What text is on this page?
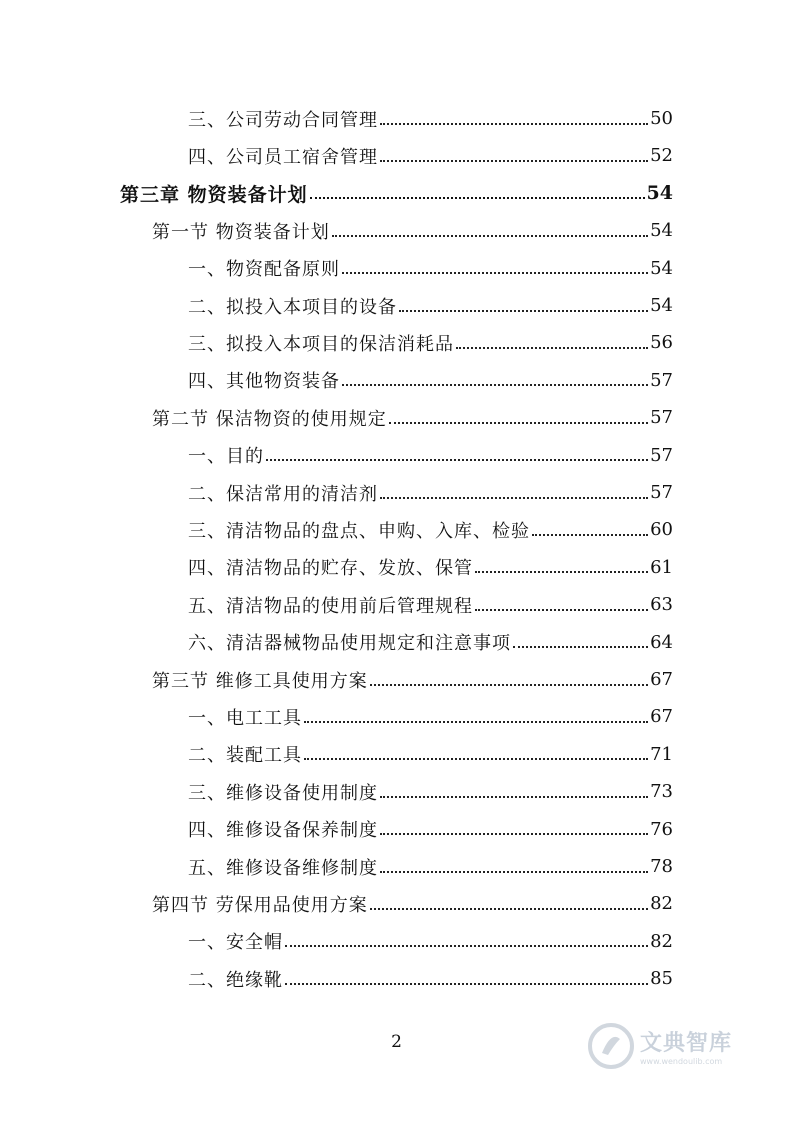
三、公司劳动合同管理	50
四、公司员工宿舍管理	52
第三章 物资装备计划	54
第一节 物资装备计划	54
一、物资配备原则	54
二、拟投入本项目的设备	54
三、拟投入本项目的保洁消耗品	56
四、其他物资装备	57
第二节 保洁物资的使用规定	57
一、目的	57
二、保洁常用的清洁剂	57
三、清洁物品的盘点、申购、入库、检验	60
四、清洁物品的贮存、发放、保管	61
五、清洁物品的使用前后管理规程	63
六、清洁器械物品使用规定和注意事项	64
第三节 维修工具使用方案	67
一、电工工具	67
二、装配工具	71
三、维修设备使用制度	73
四、维修设备保养制度	76
五、维修设备维修制度	78
第四节 劳保用品使用方案	82
一、安全帽	82
二、绝缘靴	85
2	文典智库
www.wendoulib.com
